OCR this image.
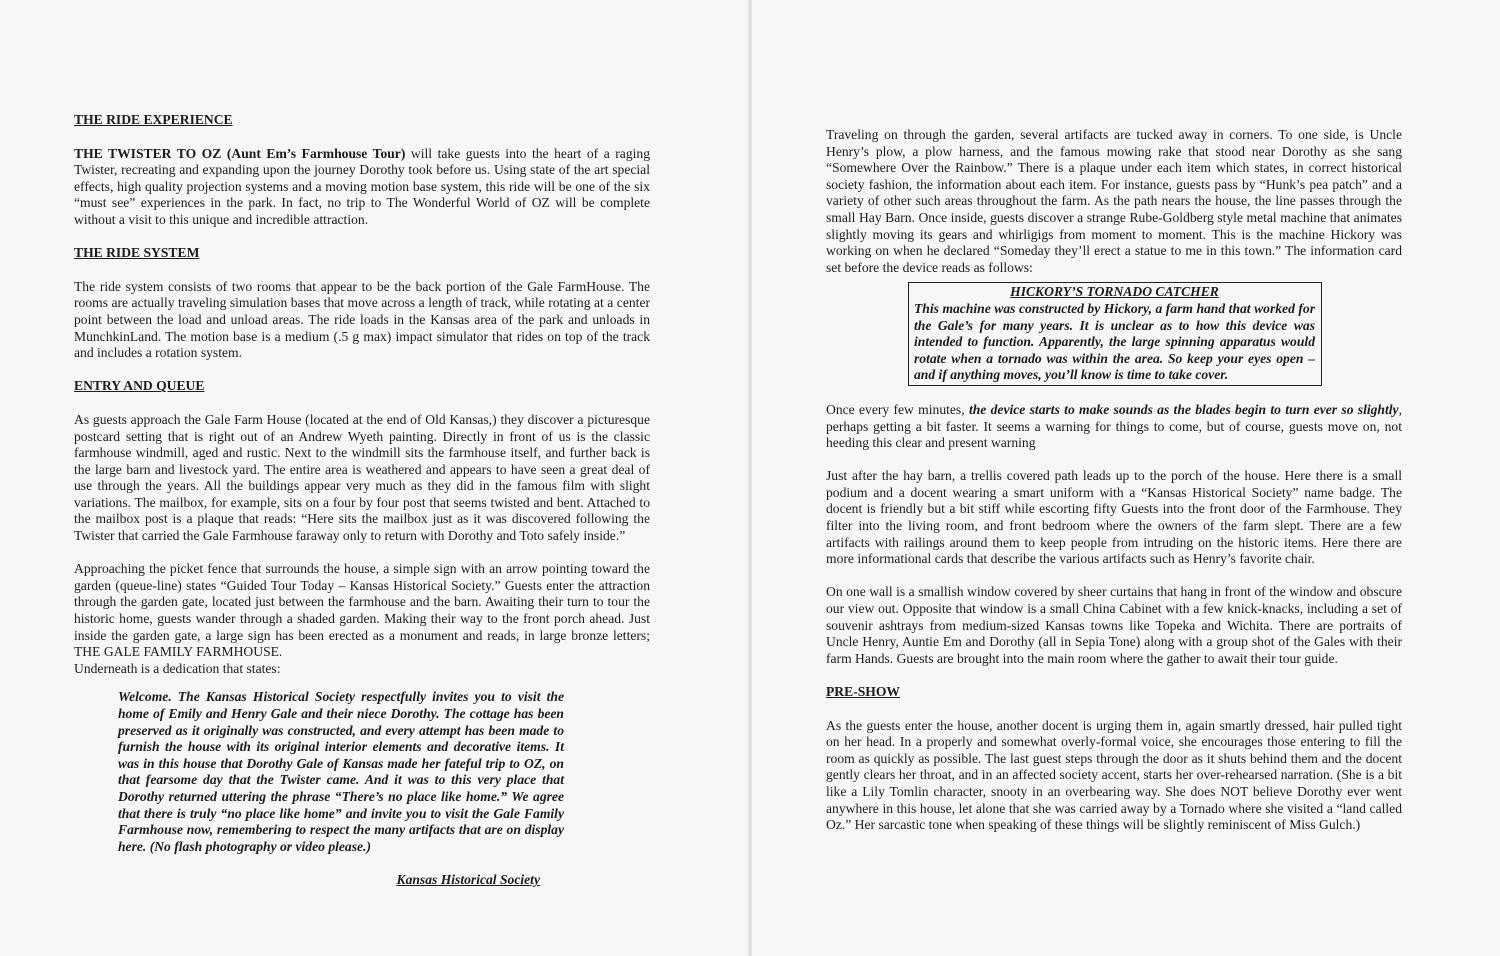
THE RIDE EXPERIENCE

THE TWISTER TO OZ (Aunt Em’s Farmhouse Tour) will take guests into the heart of a raging Twister, recreating and expanding upon the journey Dorothy took before us. Using state of the art special effects, high quality projection systems and a moving motion base system, this ride will be one of the six “must see” experiences in the park. In fact, no trip to The Wonderful World of OZ will be complete without a visit to this unique and incredible attraction.

THE RIDE SYSTEM

The ride system consists of two rooms that appear to be the back portion of the Gale FarmHouse. The rooms are actually traveling simulation bases that move across a length of track, while rotating at a center point between the load and unload areas. The ride loads in the Kansas area of the park and unloads in MunchkinLand. The motion base is a medium (.5 g max) impact simulator that rides on top of the track and includes a rotation system.

ENTRY AND QUEUE

As guests approach the Gale Farm House (located at the end of Old Kansas,) they discover a picturesque postcard setting that is right out of an Andrew Wyeth painting. Directly in front of us is the classic farmhouse windmill, aged and rustic. Next to the windmill sits the farmhouse itself, and further back is the large barn and livestock yard. The entire area is weathered and appears to have seen a great deal of use through the years. All the buildings appear very much as they did in the famous film with slight variations. The mailbox, for example, sits on a four by four post that seems twisted and bent. Attached to the mailbox post is a plaque that reads: “Here sits the mailbox just as it was discovered following the Twister that carried the Gale Farmhouse faraway only to return with Dorothy and Toto safely inside.”

Approaching the picket fence that surrounds the house, a simple sign with an arrow pointing toward the garden (queue-line) states “Guided Tour Today – Kansas Historical Society.” Guests enter the attraction through the garden gate, located just between the farmhouse and the barn. Awaiting their turn to tour the historic home, guests wander through a shaded garden. Making their way to the front porch ahead. Just inside the garden gate, a large sign has been erected as a monument and reads, in large bronze letters; THE GALE FAMILY FARMHOUSE.

Underneath is a dedication that states:

Welcome. The Kansas Historical Society respectfully invites you to visit the home of Emily and Henry Gale and their niece Dorothy. The cottage has been preserved as it originally was constructed, and every attempt has been made to furnish the house with its original interior elements and decorative items. It was in this house that Dorothy Gale of Kansas made her fateful trip to OZ, on that fearsome day that the Twister came. And it was to this very place that Dorothy returned uttering the phrase “There’s no place like home.” We agree that there is truly “no place like home” and invite you to visit the Gale Family Farmhouse now, remembering to respect the many artifacts that are on display here. (No flash photography or video please.)
Kansas Historical Society

Traveling on through the garden, several artifacts are tucked away in corners. To one side, is Uncle Henry’s plow, a plow harness, and the famous mowing rake that stood near Dorothy as she sang “Somewhere Over the Rainbow.” There is a plaque under each item which states, in correct historical society fashion, the information about each item. For instance, guests pass by “Hunk’s pea patch” and a variety of other such areas throughout the farm. As the path nears the house, the line passes through the small Hay Barn. Once inside, guests discover a strange Rube-Goldberg style metal machine that animates slightly moving its gears and whirligigs from moment to moment. This is the machine Hickory was working on when he declared “Someday they’ll erect a statue to me in this town.” The information card set before the device reads as follows:

HICKORY’S TORNADO CATCHER
This machine was constructed by Hickory, a farm hand that worked for the Gale’s for many years. It is unclear as to how this device was intended to function. Apparently, the large spinning apparatus would rotate when a tornado was within the area. So keep your eyes open – and if anything moves, you’ll know is time to take cover.

Once every few minutes, the device starts to make sounds as the blades begin to turn ever so slightly, perhaps getting a bit faster. It seems a warning for things to come, but of course, guests move on, not heeding this clear and present warning

Just after the hay barn, a trellis covered path leads up to the porch of the house. Here there is a small podium and a docent wearing a smart uniform with a “Kansas Historical Society” name badge. The docent is friendly but a bit stiff while escorting fifty Guests into the front door of the Farmhouse. They filter into the living room, and front bedroom where the owners of the farm slept. There are a few artifacts with railings around them to keep people from intruding on the historic items. Here there are more informational cards that describe the various artifacts such as Henry’s favorite chair.

On one wall is a smallish window covered by sheer curtains that hang in front of the window and obscure our view out. Opposite that window is a small China Cabinet with a few knick-knacks, including a set of souvenir ashtrays from medium-sized Kansas towns like Topeka and Wichita. There are portraits of Uncle Henry, Auntie Em and Dorothy (all in Sepia Tone) along with a group shot of the Gales with their farm Hands. Guests are brought into the main room where the gather to await their tour guide.

PRE-SHOW

As the guests enter the house, another docent is urging them in, again smartly dressed, hair pulled tight on her head. In a properly and somewhat overly-formal voice, she encourages those entering to fill the room as quickly as possible. The last guest steps through the door as it shuts behind them and the docent gently clears her throat, and in an affected society accent, starts her over-rehearsed narration. (She is a bit like a Lily Tomlin character, snooty in an overbearing way. She does NOT believe Dorothy ever went anywhere in this house, let alone that she was carried away by a Tornado where she visited a “land called Oz.” Her sarcastic tone when speaking of these things will be slightly reminiscent of Miss Gulch.)
